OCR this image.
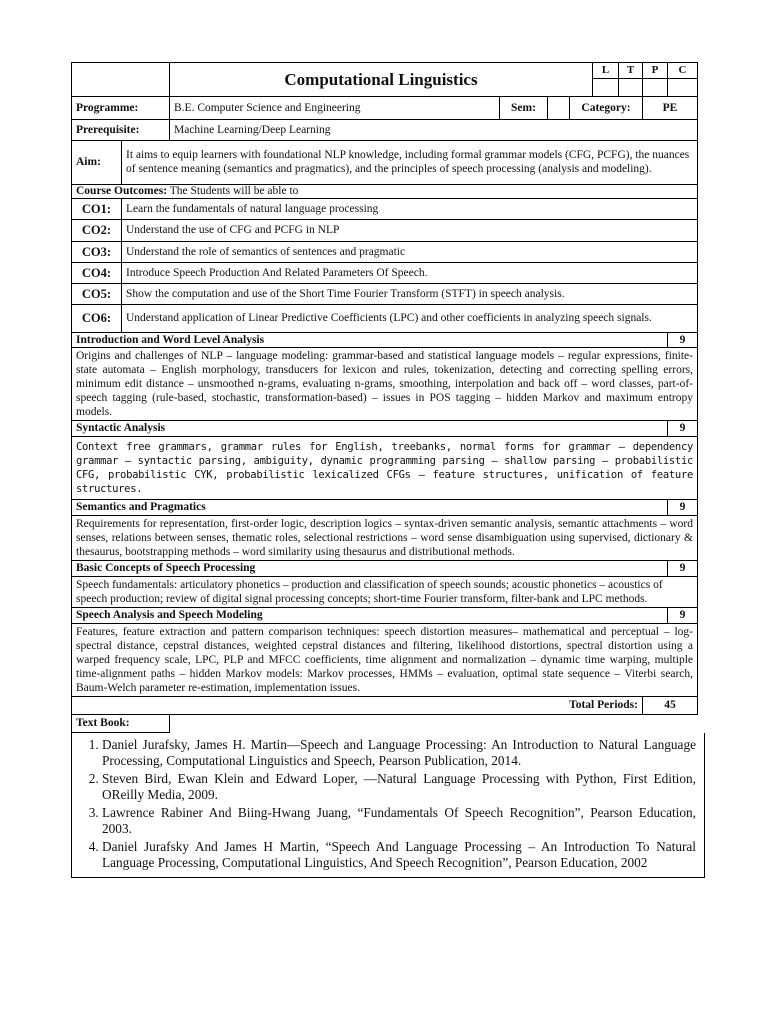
		Computational Linguistics				L	T	P	C

Programme:		B.E. Computer Science and Engineering	Sem:		Category:			PE	
Prerequisite:		Machine Learning/Deep Learning							
Aim:	It aims to equip learners with foundational NLP knowledge, including formal grammar models (CFG, PCFG), the nuances of sentence meaning (semantics and pragmatics), and the principles of speech processing (analysis and modeling).								
Course Outcomes: The Students will be able to									
CO1:	Learn the fundamentals of natural language processing								
CO2:	Understand the use of CFG and PCFG in NLP								
CO3:	Understand the role of semantics of sentences and pragmatic								
CO4:	Introduce Speech Production And Related Parameters Of Speech.								
CO5:	Show the computation and use of the Short Time Fourier Transform (STFT) in speech analysis.								
CO6:	Understand application of Linear Predictive Coefficients (LPC) and other coefficients in analyzing speech signals.								
Introduction and Word Level Analysis									9
Origins and challenges of NLP – language modeling: grammar-based and statistical language models – regular expressions, finite-state automata – English morphology, transducers for lexicon and rules, tokenization, detecting and correcting spelling errors, minimum edit distance – unsmoothed n-grams, evaluating n-grams, smoothing, interpolation and back off – word classes, part-of-speech tagging (rule-based, stochastic, transformation-based) – issues in POS tagging – hidden Markov and maximum entropy models.									
Syntactic Analysis									9
Context free grammars, grammar rules for English, treebanks, normal forms for grammar – dependency grammar – syntactic parsing, ambiguity, dynamic programming parsing – shallow parsing – probabilistic CFG, probabilistic CYK, probabilistic lexicalized CFGs – feature structures, unification of feature structures.									
Semantics and Pragmatics									9
Requirements for representation, first-order logic, description logics – syntax-driven semantic analysis, semantic attachments – word senses, relations between senses, thematic roles, selectional restrictions – word sense disambiguation using supervised, dictionary & thesaurus, bootstrapping methods – word similarity using thesaurus and distributional methods.									
Basic Concepts of Speech Processing									9
Speech fundamentals: articulatory phonetics – production and classification of speech sounds; acoustic phonetics – acoustics of speech production; review of digital signal processing concepts; short-time Fourier transform, filter-bank and LPC methods.									
Speech Analysis and Speech Modeling									9
Features, feature extraction and pattern comparison techniques: speech distortion measures– mathematical and perceptual – log-spectral distance, cepstral distances, weighted cepstral distances and filtering, likelihood distortions, spectral distortion using a warped frequency scale, LPC, PLP and MFCC coefficients, time alignment and normalization – dynamic time warping, multiple time-alignment paths – hidden Markov models: Markov processes, HMMs – evaluation, optimal state sequence – Viterbi search, Baum-Welch parameter re-estimation, implementation issues.									
Total Periods:								45	
Text Book:									
1. Daniel Jurafsky, James H. Martin—Speech and Language Processing: An Introduction to Natural Language Processing, Computational Linguistics and Speech, Pearson Publication, 2014.
2. Steven Bird, Ewan Klein and Edward Loper, —Natural Language Processing with Python, First Edition, OReilly Media, 2009.
3. Lawrence Rabiner And Biing-Hwang Juang, “Fundamentals Of Speech Recognition”, Pearson Education, 2003.
4. Daniel Jurafsky And James H Martin, “Speech And Language Processing – An Introduction To Natural Language Processing, Computational Linguistics, And Speech Recognition”, Pearson Education, 2002
